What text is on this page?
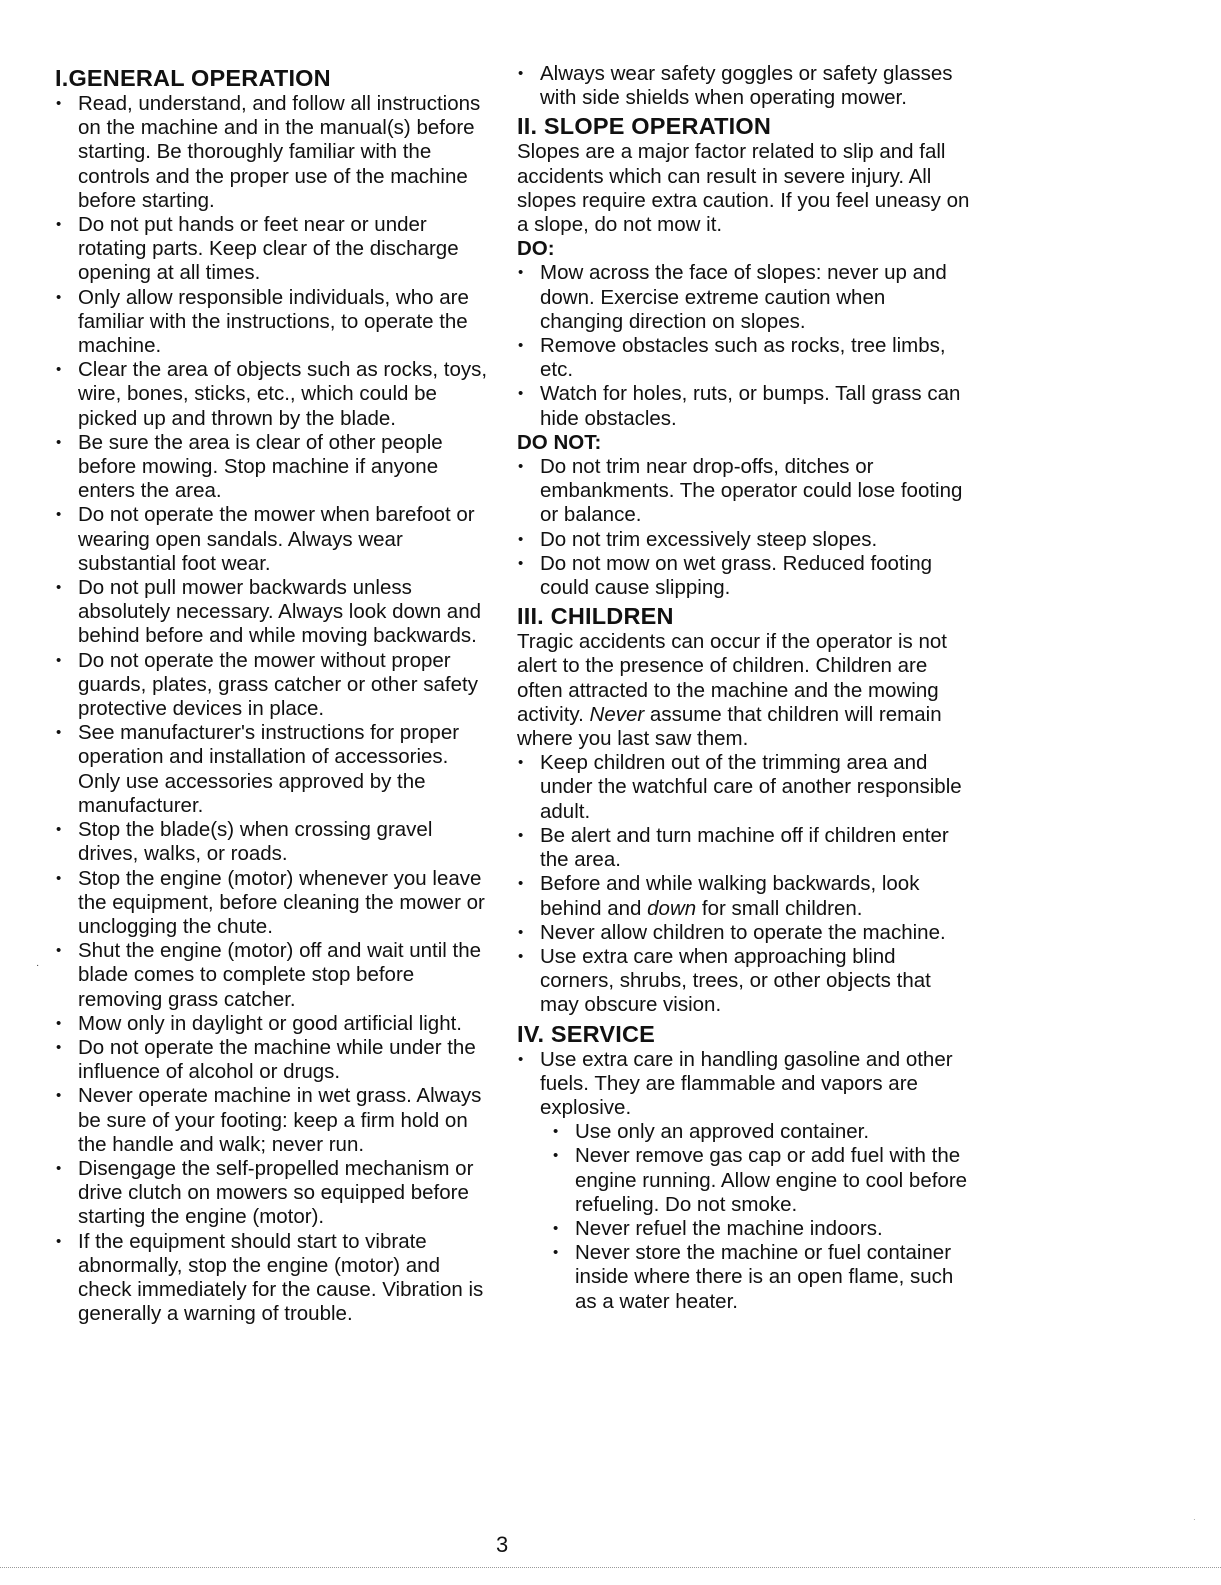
I.GENERAL OPERATION
• Read, understand, and follow all instructions on the machine and in the manual(s) before starting. Be thoroughly familiar with the controls and the proper use of the machine before starting.
• Do not put hands or feet near or under rotating parts. Keep clear of the discharge opening at all times.
• Only allow responsible individuals, who are familiar with the instructions, to operate the machine.
• Clear the area of objects such as rocks, toys, wire, bones, sticks, etc., which could be picked up and thrown by the blade.
• Be sure the area is clear of other people before mowing. Stop machine if anyone enters the area.
• Do not operate the mower when barefoot or wearing open sandals. Always wear substantial foot wear.
• Do not pull mower backwards unless absolutely necessary. Always look down and behind before and while moving backwards.
• Do not operate the mower without proper guards, plates, grass catcher or other safety protective devices in place.
• See manufacturer's instructions for proper operation and installation of accessories. Only use accessories approved by the manufacturer.
• Stop the blade(s) when crossing gravel drives, walks, or roads.
• Stop the engine (motor) whenever you leave the equipment, before cleaning the mower or unclogging the chute.
• Shut the engine (motor) off and wait until the blade comes to complete stop before removing grass catcher.
• Mow only in daylight or good artificial light.
• Do not operate the machine while under the influence of alcohol or drugs.
• Never operate machine in wet grass. Always be sure of your footing: keep a firm hold on the handle and walk; never run.
• Disengage the self-propelled mechanism or drive clutch on mowers so equipped before starting the engine (motor).
• If the equipment should start to vibrate abnormally, stop the engine (motor) and check immediately for the cause. Vibration is generally a warning of trouble.
• Always wear safety goggles or safety glasses with side shields when operating mower.
II. SLOPE OPERATION

Slopes are a major factor related to slip and fall accidents which can result in severe injury. All slopes require extra caution. If you feel uneasy on a slope, do not mow it.

DO:
• Mow across the face of slopes: never up and down. Exercise extreme caution when changing direction on slopes.
• Remove obstacles such as rocks, tree limbs, etc.
• Watch for holes, ruts, or bumps. Tall grass can hide obstacles.
DO NOT:
• Do not trim near drop-offs, ditches or embankments. The operator could lose footing or balance.
• Do not trim excessively steep slopes.
• Do not mow on wet grass. Reduced footing could cause slipping.
III. CHILDREN

Tragic accidents can occur if the operator is not alert to the presence of children. Children are often attracted to the machine and the mowing activity. Never assume that children will remain where you last saw them.

• Keep children out of the trimming area and under the watchful care of another responsible adult.
• Be alert and turn machine off if children enter the area.
• Before and while walking backwards, look behind and down for small children.
• Never allow children to operate the machine.
• Use extra care when approaching blind corners, shrubs, trees, or other objects that may obscure vision.
IV. SERVICE
• Use extra care in handling gasoline and other fuels. They are flammable and vapors are explosive.
• Use only an approved container.
• Never remove gas cap or add fuel with the engine running. Allow engine to cool before refueling. Do not smoke.
• Never refuel the machine indoors.
• Never store the machine or fuel container inside where there is an open flame, such as a water heater.
·
·
3
